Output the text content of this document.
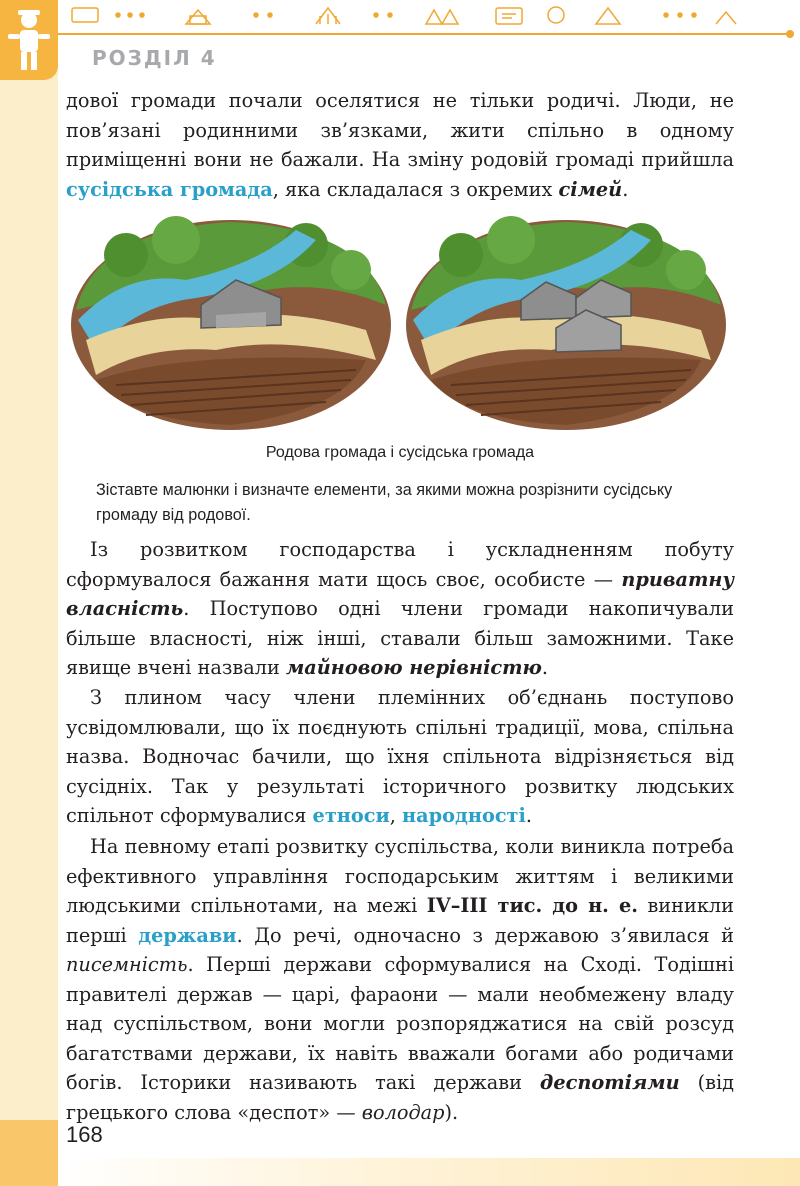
РОЗДІЛ 4

дової громади почали оселятися не тільки родичі. Люди, не пов’язані родинними зв’язками, жити спільно в одному приміщенні вони не бажали. На зміну родовій громаді прийшла сусідська громада, яка складалася з окремих сімей.

Родова громада і сусідська громада
Зіставте малюнки і визначте елементи, за якими можна розрізнити сусідську громаду від родової.

Із розвитком господарства і ускладненням побуту сформувалося бажання мати щось своє, особисте — приватну власність. Поступово одні члени громади накопичували більше власності, ніж інші, ставали більш заможними. Таке явище вчені назвали майновою нерівністю.

З плином часу члени племінних об’єднань поступово усвідомлювали, що їх поєднують спільні традиції, мова, спільна назва. Водночас бачили, що їхня спільнота відрізняється від сусідніх. Так у результаті історичного розвитку людських спільнот сформувалися етноси, народності.

На певному етапі розвитку суспільства, коли виникла потреба ефективного управління господарським життям і великими людськими спільнотами, на межі IV–III тис. до н. е. виникли перші держави. До речі, одночасно з державою з’явилася й писемність. Перші держави сформувалися на Сході. Тодішні правителі держав — царі, фараони — мали необмежену владу над суспільством, вони могли розпоряджатися на свій розсуд багатствами держави, їх навіть вважали богами або родичами богів. Історики називають такі держави деспотіями (від грецького слова «деспот» — володар).

168
